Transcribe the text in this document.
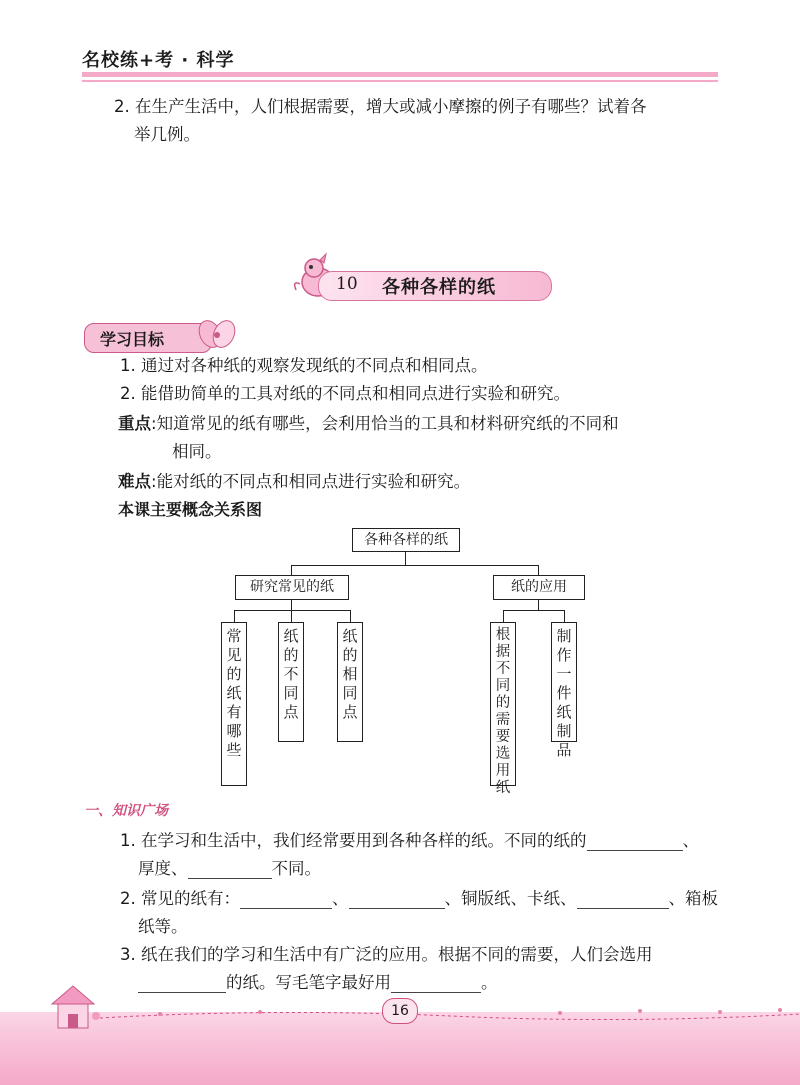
名校练+考 · 科学
2. 在生产生活中，人们根据需要，增大或减小摩擦的例子有哪些？试着各
举几例。
10 各种各样的纸
学习目标
1. 通过对各种纸的观察发现纸的不同点和相同点。
2. 能借助简单的工具对纸的不同点和相同点进行实验和研究。
重点:知道常见的纸有哪些，会利用恰当的工具和材料研究纸的不同和
相同。
难点:能对纸的不同点和相同点进行实验和研究。
本课主要概念关系图
各种各样的纸
研究常见的纸	纸的应用
常见的纸有哪些
纸的不同点
纸的相同点
根据不同的需要选用纸
制作一件纸制品
一、知识广场
1. 在学习和生活中，我们经常要用到各种各样的纸。不同的纸的	、
厚度、	不同。
2. 常见的纸有：	、	、铜版纸、卡纸、	、箱板
纸等。
3. 纸在我们的学习和生活中有广泛的应用。根据不同的需要，人们会选用
的纸。写毛笔字最好用	。
16
